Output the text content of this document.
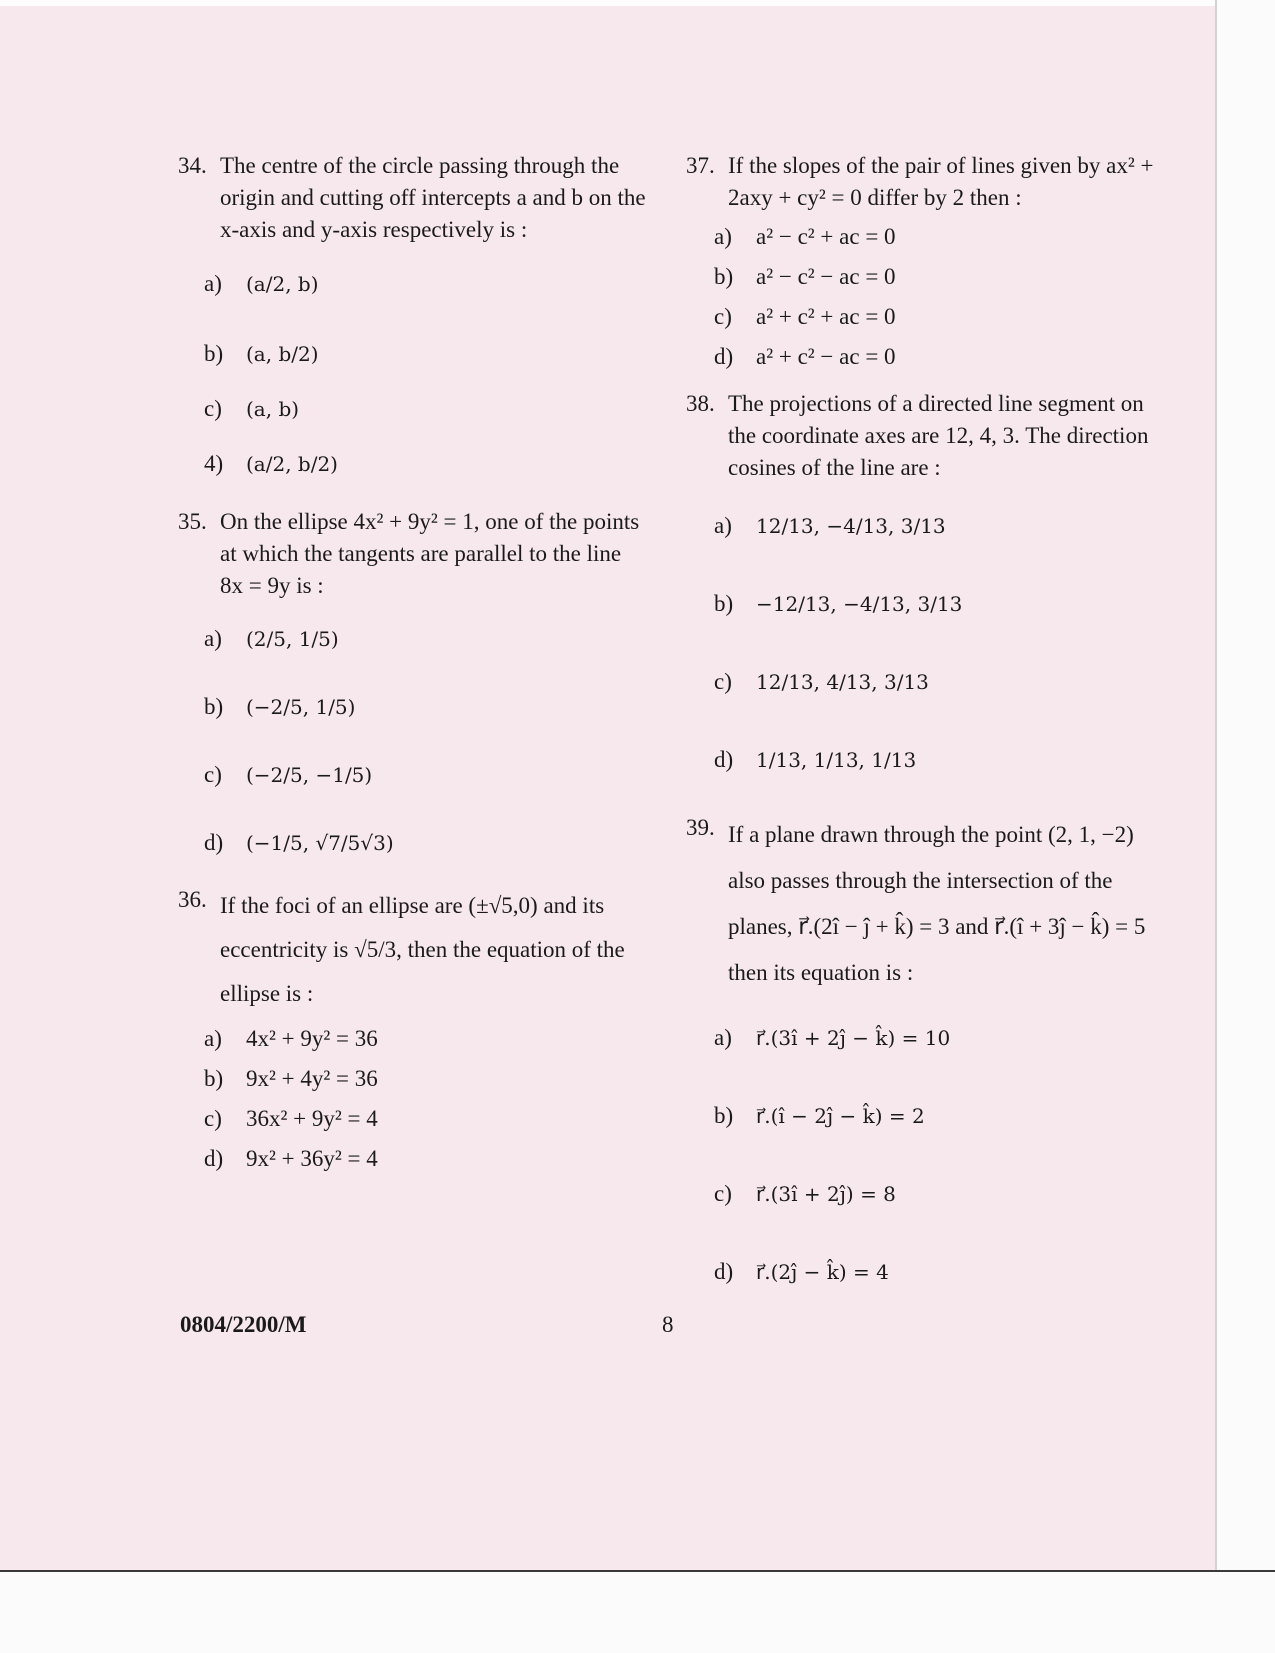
34. The centre of the circle passing through the origin and cutting off intercepts a and b on the x-axis and y-axis respectively is :
a)	(a/2, b)
b)	(a, b/2)
c)	(a, b)
4)	(a/2, b/2)
35. On the ellipse 4x² + 9y² = 1, one of the points at which the tangents are parallel to the line 8x = 9y is :
a)	(2/5, 1/5)
b)	(−2/5, 1/5)
c)	(−2/5, −1/5)
d)	(−1/5, √7/5√3)
36. If the foci of an ellipse are (±√5,0) and its eccentricity is √5/3, then the equation of the ellipse is :
a)	4x² + 9y² = 36
b) 9x² + 4y² = 36
c)	36x² + 9y² = 4
d) 9x² + 36y² = 4
37. If the slopes of the pair of lines given by ax² + 2axy + cy² = 0 differ by 2 then :
a)	a² − c² + ac = 0
b) a² − c² − ac = 0
c)	a² + c² + ac = 0
d) a² + c² − ac = 0
38. The projections of a directed line segment on the coordinate axes are 12, 4, 3. The direction cosines of the line are :
a)	12/13, −4/13, 3/13
b)	−12/13, −4/13, 3/13
c)	12/13, 4/13, 3/13
d)	1/13, 1/13, 1/13
39. If a plane drawn through the point (2, 1, −2) also passes through the intersection of the planes, r⃗.(2î − ĵ + k̂) = 3 and r⃗.(î + 3ĵ − k̂) = 5 then its equation is :
a)	r⃗.(3î + 2ĵ − k̂) = 10
b)	r⃗.(î − 2ĵ − k̂) = 2
c)	r⃗.(3î + 2ĵ) = 8
d)	r⃗.(2ĵ − k̂) = 4
0804/2200/M	8
